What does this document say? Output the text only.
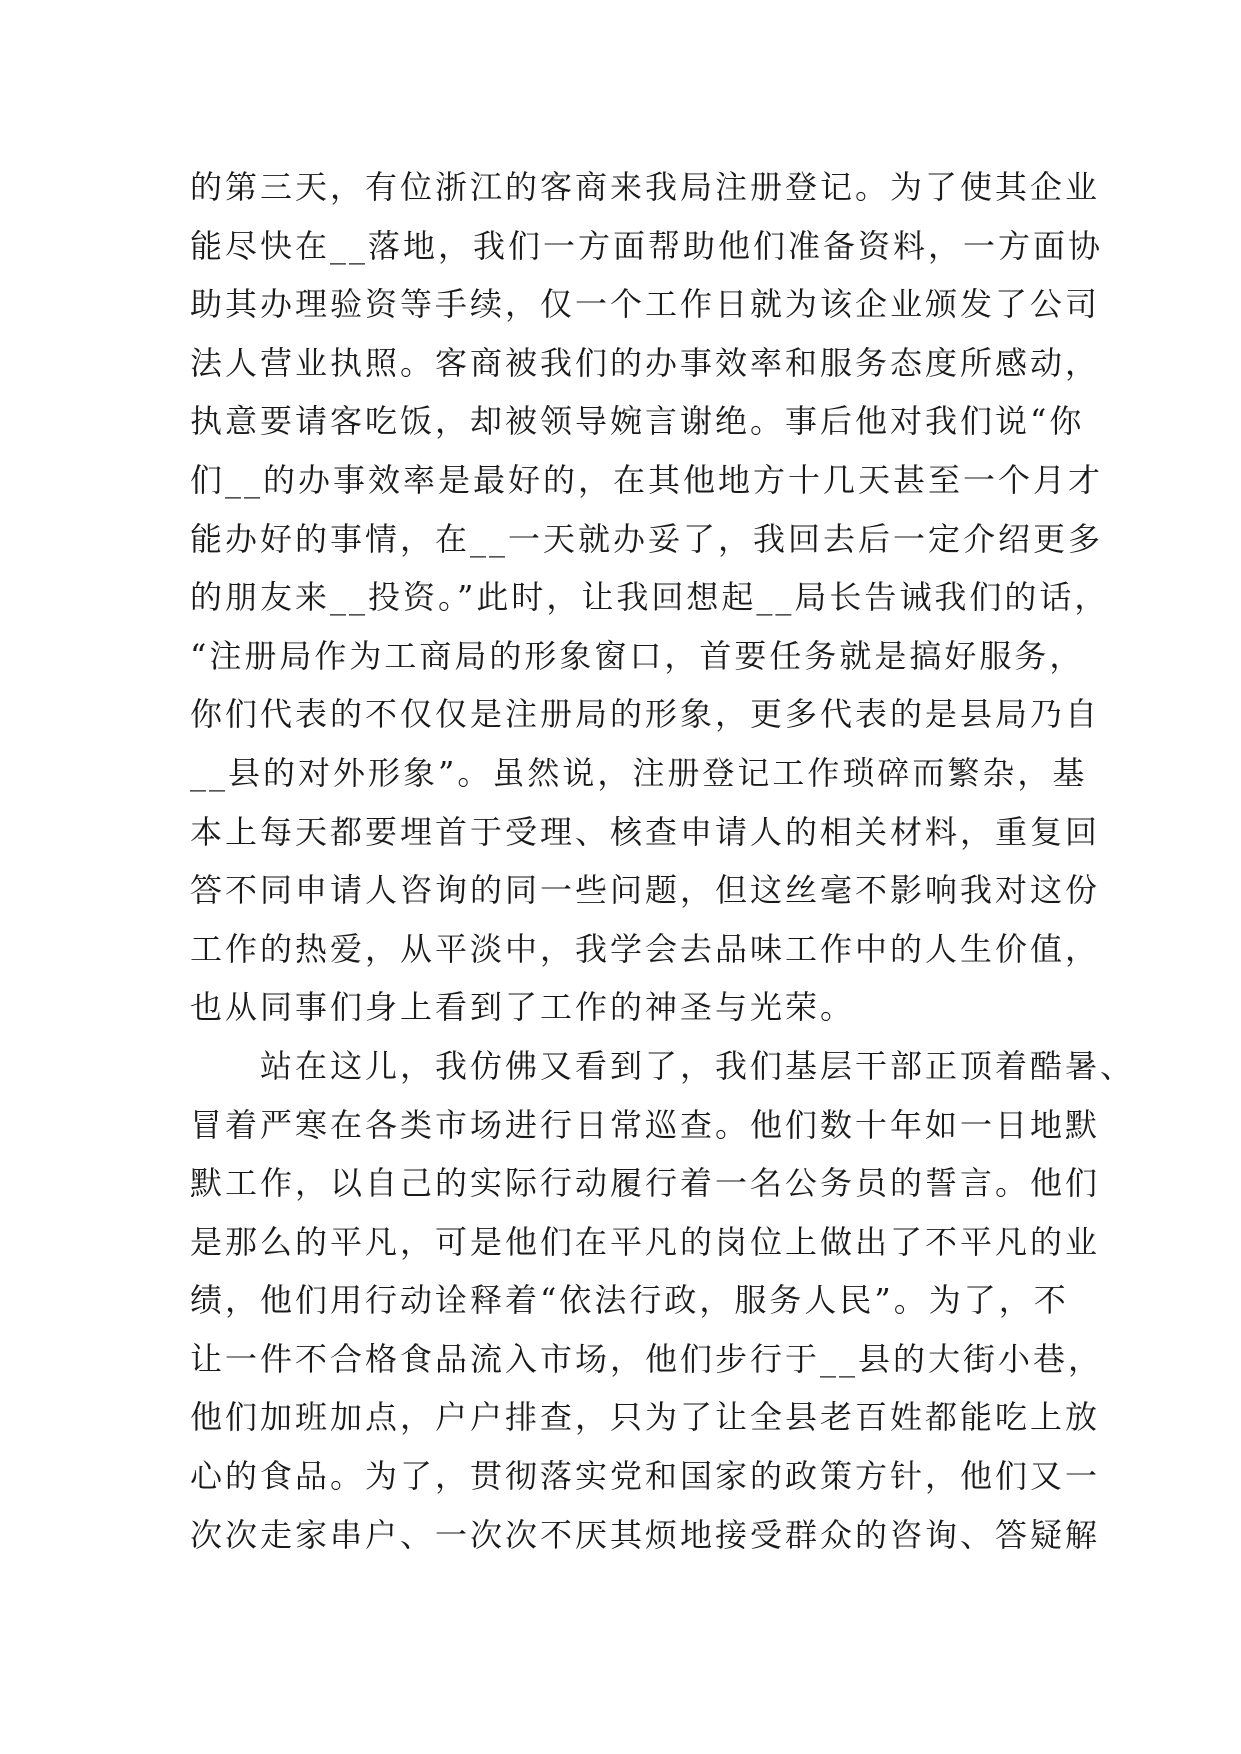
的第三天，有位浙江的客商来我局注册登记。为了使其企业
能尽快在__落地，我们一方面帮助他们准备资料，一方面协
助其办理验资等手续，仅一个工作日就为该企业颁发了公司
法人营业执照。客商被我们的办事效率和服务态度所感动，
执意要请客吃饭，却被领导婉言谢绝。事后他对我们说“你
们__的办事效率是最好的，在其他地方十几天甚至一个月才
能办好的事情，在__一天就办妥了，我回去后一定介绍更多
的朋友来__投资。”此时，让我回想起__局长告诫我们的话，
“注册局作为工商局的形象窗口，首要任务就是搞好服务，
你们代表的不仅仅是注册局的形象，更多代表的是县局乃自
__县的对外形象”。虽然说，注册登记工作琐碎而繁杂，基
本上每天都要埋首于受理、核查申请人的相关材料，重复回
答不同申请人咨询的同一些问题，但这丝毫不影响我对这份
工作的热爱，从平淡中，我学会去品味工作中的人生价值，
也从同事们身上看到了工作的神圣与光荣。
　　站在这儿，我仿佛又看到了，我们基层干部正顶着酷暑、
冒着严寒在各类市场进行日常巡查。他们数十年如一日地默
默工作，以自己的实际行动履行着一名公务员的誓言。他们
是那么的平凡，可是他们在平凡的岗位上做出了不平凡的业
绩，他们用行动诠释着“依法行政，服务人民”。为了，不
让一件不合格食品流入市场，他们步行于__县的大街小巷，
他们加班加点，户户排查，只为了让全县老百姓都能吃上放
心的食品。为了，贯彻落实党和国家的政策方针，他们又一
次次走家串户、一次次不厌其烦地接受群众的咨询、答疑解
